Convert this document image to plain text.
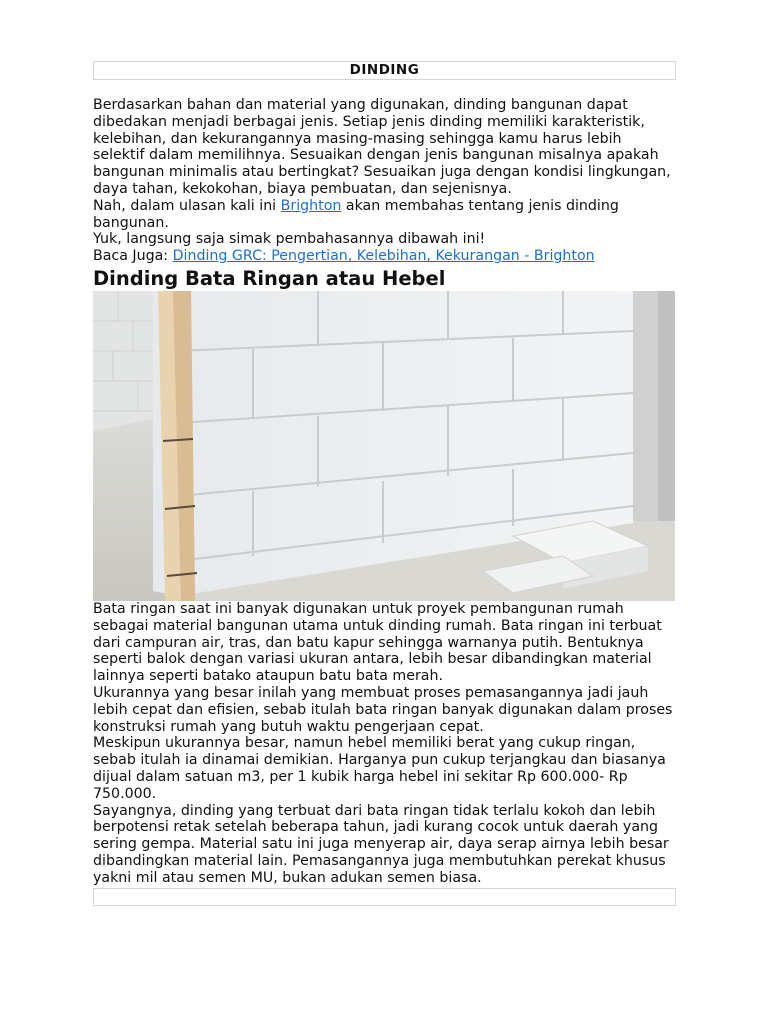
DINDING

Berdasarkan bahan dan material yang digunakan, dinding bangunan dapat dibedakan menjadi berbagai jenis. Setiap jenis dinding memiliki karakteristik, kelebihan, dan kekurangannya masing-masing sehingga kamu harus lebih selektif dalam memilihnya. Sesuaikan dengan jenis bangunan misalnya apakah bangunan minimalis atau bertingkat? Sesuaikan juga dengan kondisi lingkungan, daya tahan, kekokohan, biaya pembuatan, dan sejenisnya.

Nah, dalam ulasan kali ini Brighton akan membahas tentang jenis dinding bangunan.

Yuk, langsung saja simak pembahasannya dibawah ini!

Baca Juga: Dinding GRC: Pengertian, Kelebihan, Kekurangan - Brighton

Dinding Bata Ringan atau Hebel

Bata ringan saat ini banyak digunakan untuk proyek pembangunan rumah sebagai material bangunan utama untuk dinding rumah. Bata ringan ini terbuat dari campuran air, tras, dan batu kapur sehingga warnanya putih. Bentuknya seperti balok dengan variasi ukuran antara, lebih besar dibandingkan material lainnya seperti batako ataupun batu bata merah.

Ukurannya yang besar inilah yang membuat proses pemasangannya jadi jauh lebih cepat dan efisien, sebab itulah bata ringan banyak digunakan dalam proses konstruksi rumah yang butuh waktu pengerjaan cepat.

Meskipun ukurannya besar, namun hebel memiliki berat yang cukup ringan, sebab itulah ia dinamai demikian. Harganya pun cukup terjangkau dan biasanya dijual dalam satuan m3, per 1 kubik harga hebel ini sekitar Rp 600.000- Rp 750.000.

Sayangnya, dinding yang terbuat dari bata ringan tidak terlalu kokoh dan lebih berpotensi retak setelah beberapa tahun, jadi kurang cocok untuk daerah yang sering gempa. Material satu ini juga menyerap air, daya serap airnya lebih besar dibandingkan material lain. Pemasangannya juga membutuhkan perekat khusus yakni mil atau semen MU, bukan adukan semen biasa.
